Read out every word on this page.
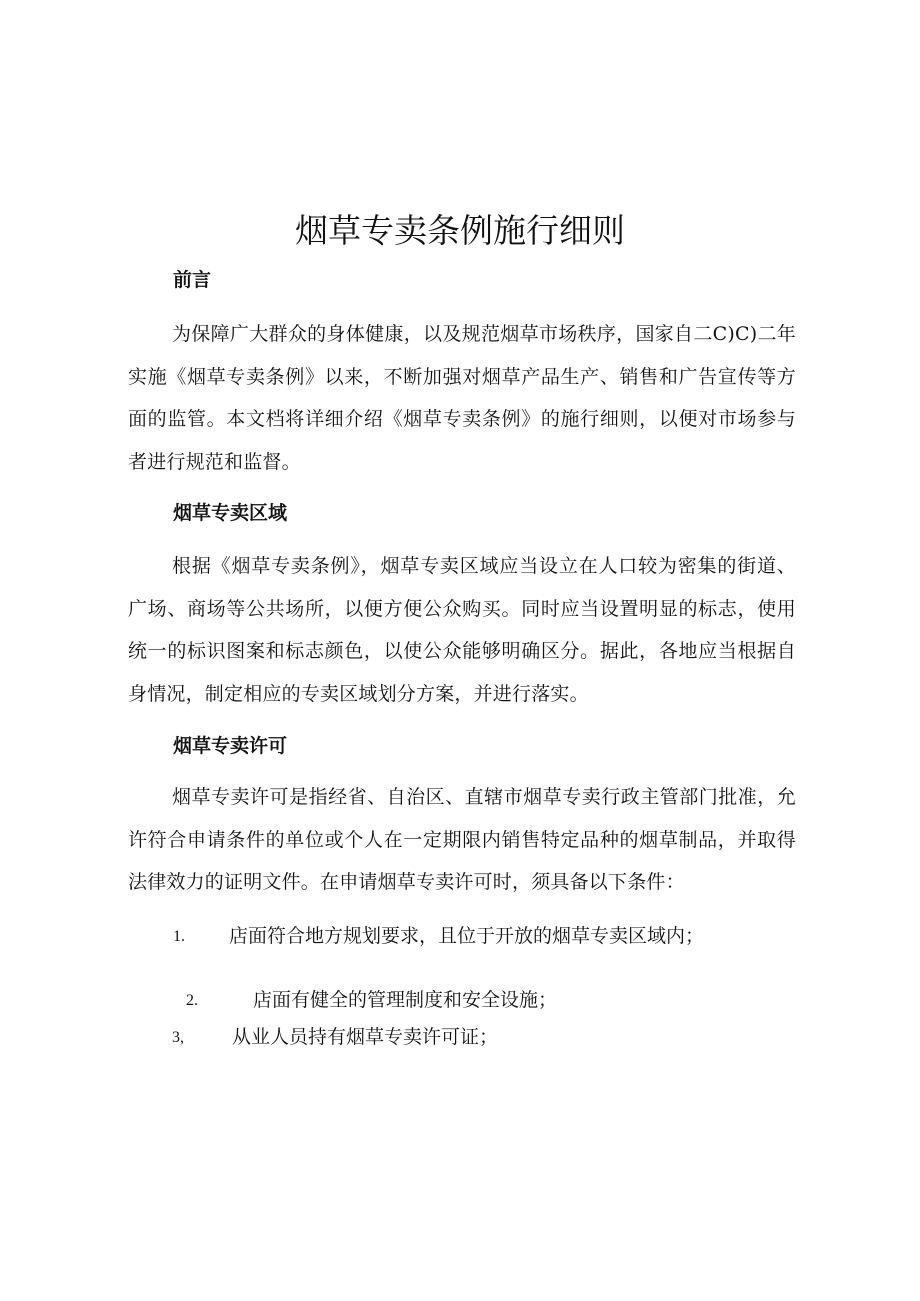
烟草专卖条例施行细则
前言

为保障广大群众的身体健康，以及规范烟草市场秩序，国家自二C)C)二年实施《烟草专卖条例》以来，不断加强对烟草产品生产、销售和广告宣传等方面的监管。本文档将详细介绍《烟草专卖条例》的施行细则，以便对市场参与者进行规范和监督。

烟草专卖区域

根据《烟草专卖条例》，烟草专卖区域应当设立在人口较为密集的街道、广场、商场等公共场所，以便方便公众购买。同时应当设置明显的标志，使用统一的标识图案和标志颜色，以使公众能够明确区分。据此，各地应当根据自身情况，制定相应的专卖区域划分方案，并进行落实。

烟草专卖许可

烟草专卖许可是指经省、自治区、直辖市烟草专卖行政主管部门批准，允许符合申请条件的单位或个人在一定期限内销售特定品种的烟草制品，并取得法律效力的证明文件。在申请烟草专卖许可时，须具备以下条件：

1. 店面符合地方规划要求，且位于开放的烟草专卖区域内；
2.	店面有健全的管理制度和安全设施；
3,	从业人员持有烟草专卖许可证；
